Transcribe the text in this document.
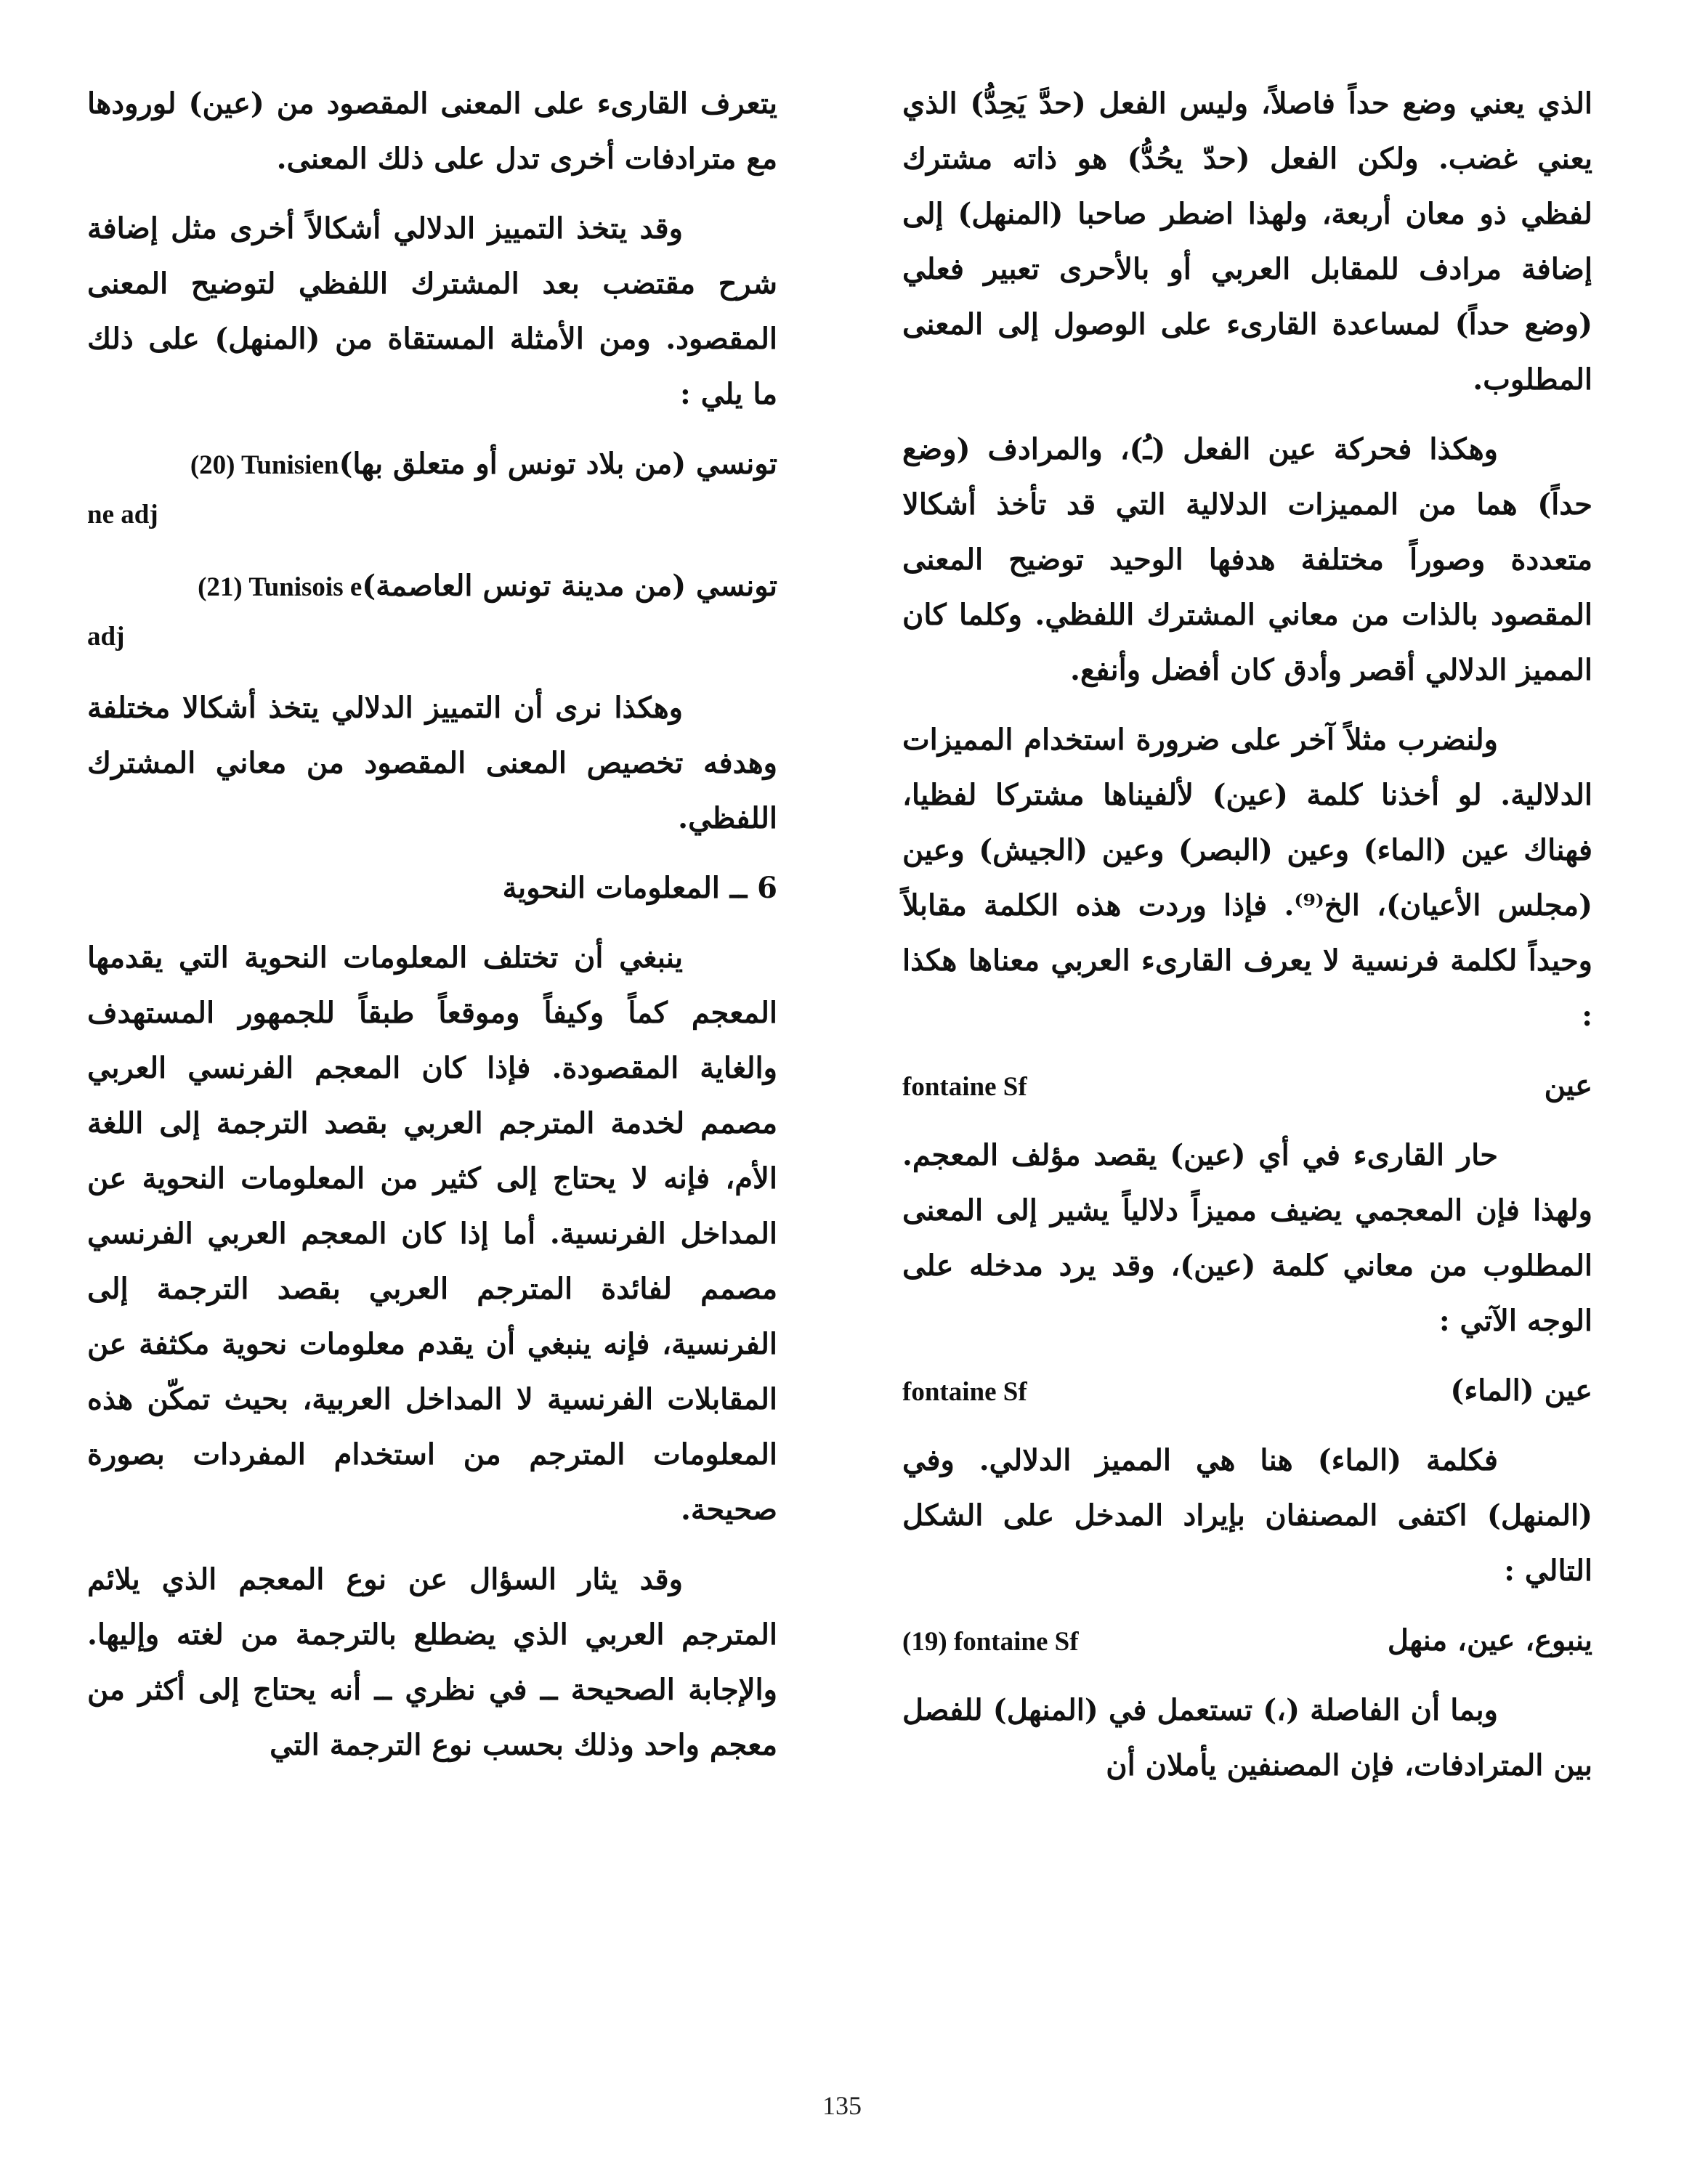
الذي يعني وضع حداً فاصلاً، وليس الفعل (حدَّ يَحِدُّ) الذي يعني غضب. ولكن الفعل (حدّ يحُدُّ) هو ذاته مشترك لفظي ذو معان أربعة، ولهذا اضطر صاحبا (المنهل) إلى إضافة مرادف للمقابل العربي أو بالأحرى تعبير فعلي (وضع حداً) لمساعدة القارىء على الوصول إلى المعنى المطلوب.

وهكذا فحركة عين الفعل (ـُ)، والمرادف (وضع حداً) هما من المميزات الدلالية التي قد تأخذ أشكالا متعددة وصوراً مختلفة هدفها الوحيد توضيح المعنى المقصود بالذات من معاني المشترك اللفظي. وكلما كان المميز الدلالي أقصر وأدق كان أفضل وأنفع.

ولنضرب مثلاً آخر على ضرورة استخدام المميزات الدلالية. لو أخذنا كلمة (عين) لألفيناها مشتركا لفظيا، فهناك عين (الماء) وعين (البصر) وعين (الجيش) وعين (مجلس الأعيان)، الخ⁽⁹⁾. فإذا وردت هذه الكلمة مقابلاً وحيداً لكلمة فرنسية لا يعرف القارىء العربي معناها هكذا :

عين
fontaine Sf

حار القارىء في أي (عين) يقصد مؤلف المعجم. ولهذا فإن المعجمي يضيف مميزاً دلالياً يشير إلى المعنى المطلوب من معاني كلمة (عين)، وقد يرد مدخله على الوجه الآتي :

عين (الماء)
fontaine Sf

فكلمة (الماء) هنا هي المميز الدلالي. وفي (المنهل) اكتفى المصنفان بإيراد المدخل على الشكل التالي :

ينبوع، عين، منهل
(19) fontaine Sf

وبما أن الفاصلة (،) تستعمل في (المنهل) للفصل بين المترادفات، فإن المصنفين يأملان أن

يتعرف القارىء على المعنى المقصود من (عين) لورودها مع مترادفات أخرى تدل على ذلك المعنى.

وقد يتخذ التمييز الدلالي أشكالاً أخرى مثل إضافة شرح مقتضب بعد المشترك اللفظي لتوضيح المعنى المقصود. ومن الأمثلة المستقاة من (المنهل) على ذلك ما يلي :

تونسي (من بلاد تونس أو متعلق بها)
(20) Tunisien
ne adj
تونسي (من مدينة تونس العاصمة)
(21) Tunisois e
adj

وهكذا نرى أن التمييز الدلالي يتخذ أشكالا مختلفة وهدفه تخصيص المعنى المقصود من معاني المشترك اللفظي.

6 ــ المعلومات النحوية

ينبغي أن تختلف المعلومات النحوية التي يقدمها المعجم كماً وكيفاً وموقعاً طبقاً للجمهور المستهدف والغاية المقصودة. فإذا كان المعجم الفرنسي العربي مصمم لخدمة المترجم العربي بقصد الترجمة إلى اللغة الأم، فإنه لا يحتاج إلى كثير من المعلومات النحوية عن المداخل الفرنسية. أما إذا كان المعجم العربي الفرنسي مصمم لفائدة المترجم العربي بقصد الترجمة إلى الفرنسية، فإنه ينبغي أن يقدم معلومات نحوية مكثفة عن المقابلات الفرنسية لا المداخل العربية، بحيث تمكّن هذه المعلومات المترجم من استخدام المفردات بصورة صحيحة.

وقد يثار السؤال عن نوع المعجم الذي يلائم المترجم العربي الذي يضطلع بالترجمة من لغته وإليها. والإجابة الصحيحة ــ في نظري ــ أنه يحتاج إلى أكثر من معجم واحد وذلك بحسب نوع الترجمة التي

135
